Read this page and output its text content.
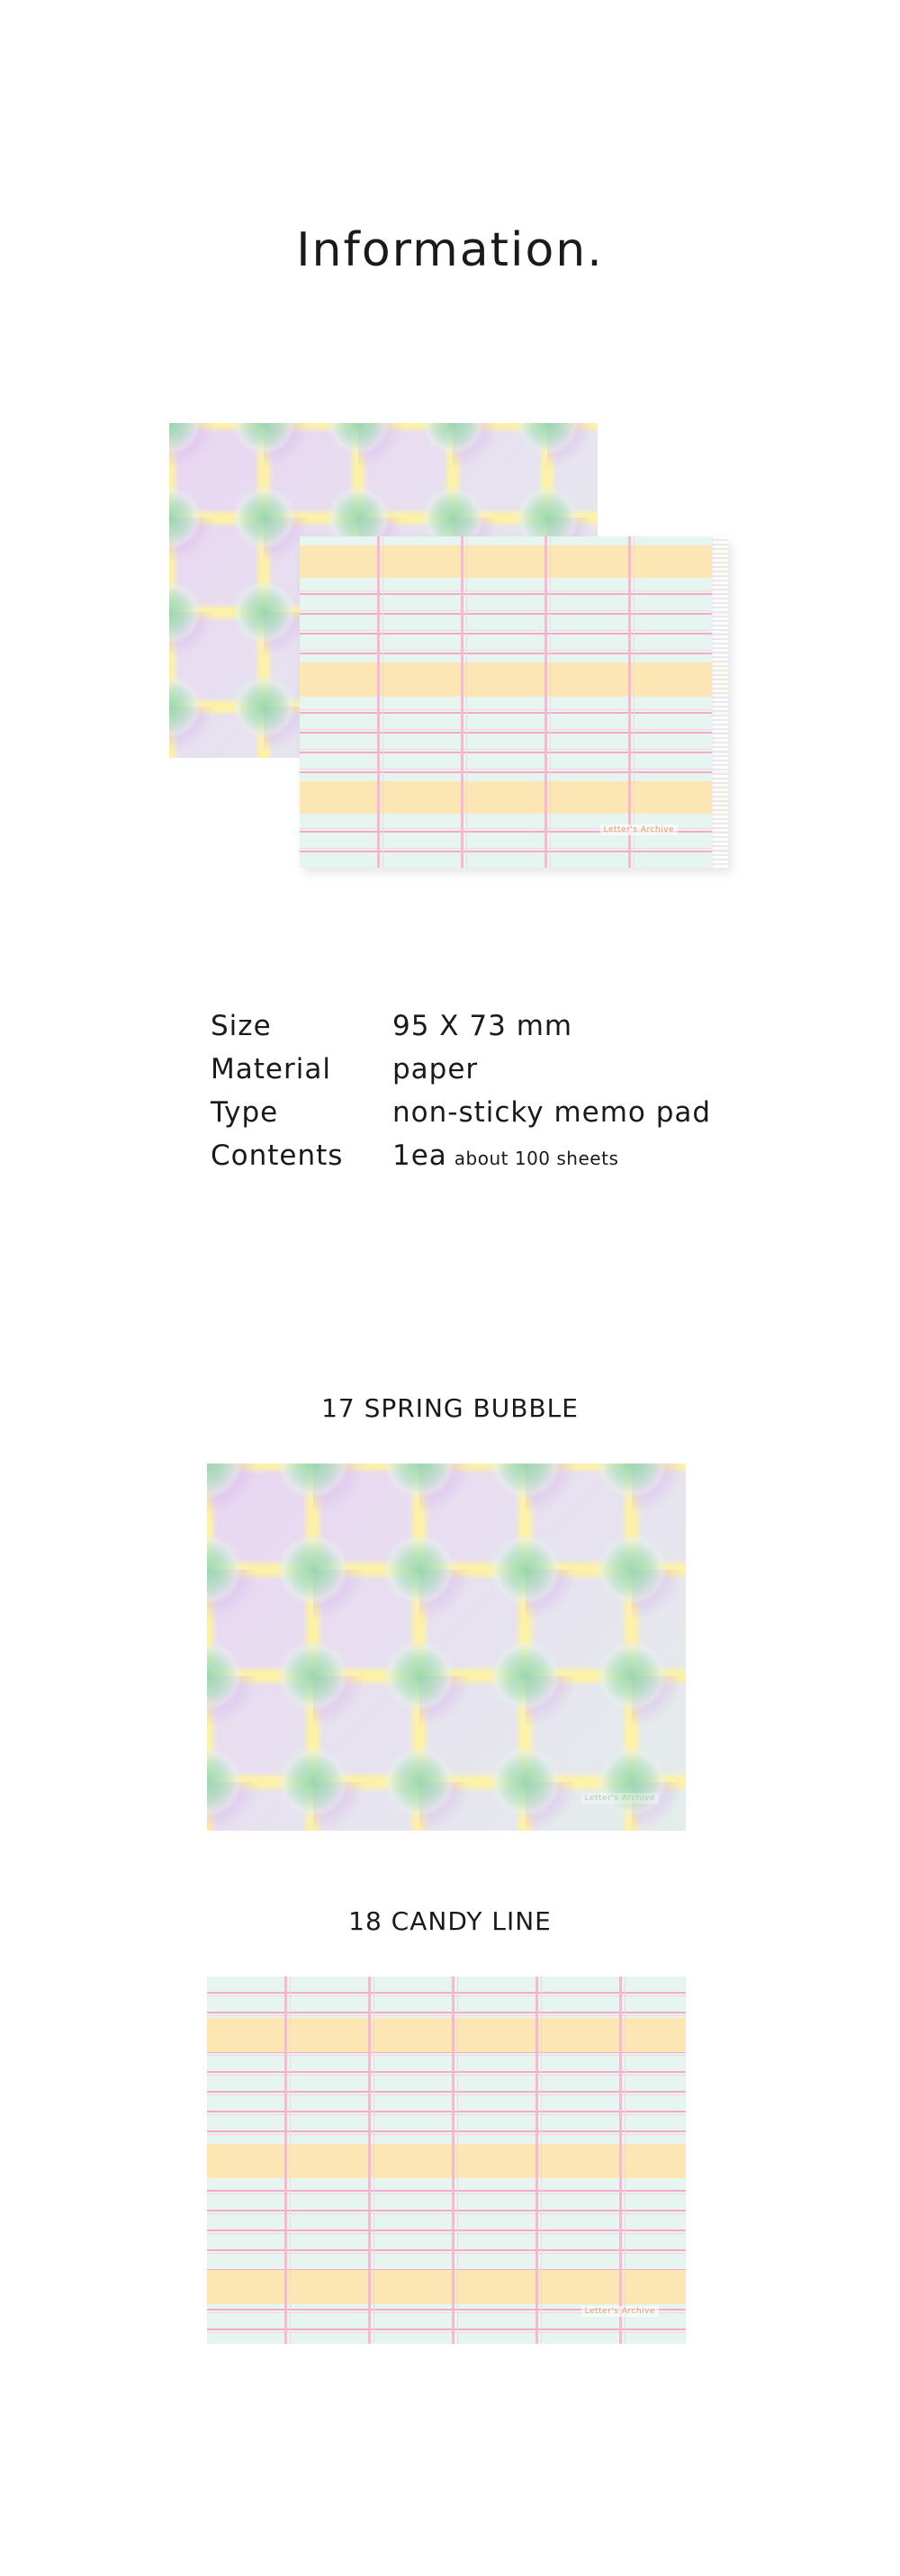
Information.
Letter's Archive
Size	95 X 73 mm
Material	paper
Type	non-sticky memo pad
Contents	1ea about 100 sheets
17 SPRING BUBBLE
Letter's Archive
18 CANDY LINE
Letter's Archive
